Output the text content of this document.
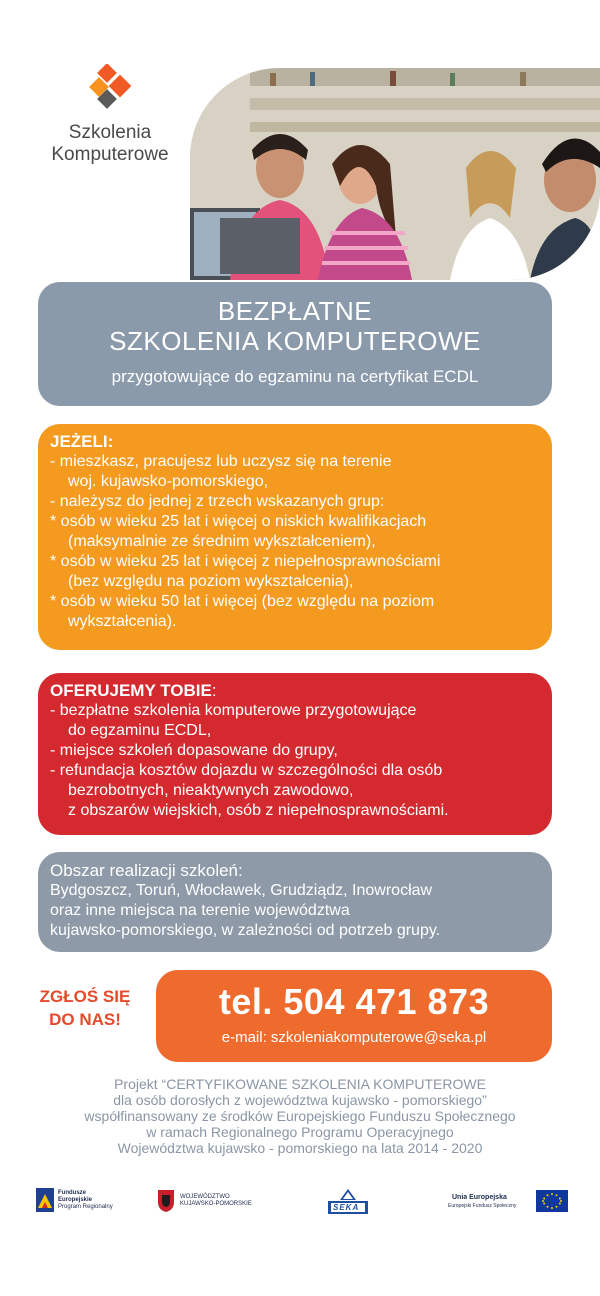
Szkolenia
Komputerowe
BEZPŁATNE
SZKOLENIA KOMPUTEROWE
przygotowujące do egzaminu na certyfikat ECDL
JEŻELI:
- mieszkasz, pracujesz lub uczysz się na terenie
woj. kujawsko-pomorskiego,
- należysz do jednej z trzech wskazanych grup:
* osób w wieku 25 lat i więcej o niskich kwalifikacjach
(maksymalnie ze średnim wykształceniem),
* osób w wieku 25 lat i więcej z niepełnosprawnościami
(bez względu na poziom wykształcenia),
* osób w wieku 50 lat i więcej (bez względu na poziom
wykształcenia).
OFERUJEMY TOBIE:
- bezpłatne szkolenia komputerowe przygotowujące
do egzaminu ECDL,
- miejsce szkoleń dopasowane do grupy,
- refundacja kosztów dojazdu w szczególności dla osób
bezrobotnych, nieaktywnych zawodowo,
z obszarów wiejskich, osób z niepełnosprawnościami.
Obszar realizacji szkoleń:
Bydgoszcz, Toruń, Włocławek, Grudziądz, Inowrocław
oraz inne miejsca na terenie województwa
kujawsko-pomorskiego, w zależności od potrzeb grupy.
ZGŁOŚ SIĘ
DO NAS!	tel. 504 471 873
e-mail: szkoleniakomputerowe@seka.pl
Projekt “CERTYFIKOWANE SZKOLENIA KOMPUTEROWE
dla osób dorosłych z województwa kujawsko - pomorskiego”
współfinansowany ze środków Europejskiego Funduszu Społecznego
w ramach Regionalnego Programu Operacyjnego
Województwa kujawsko - pomorskiego na lata 2014 - 2020
Fundusze
Europejskie
Program Regionalny
WOJEWÓDZTWO
KUJAWSKO-POMORSKIE	SEKA
Unia Europejska
Europejski Fundusz Społeczny
